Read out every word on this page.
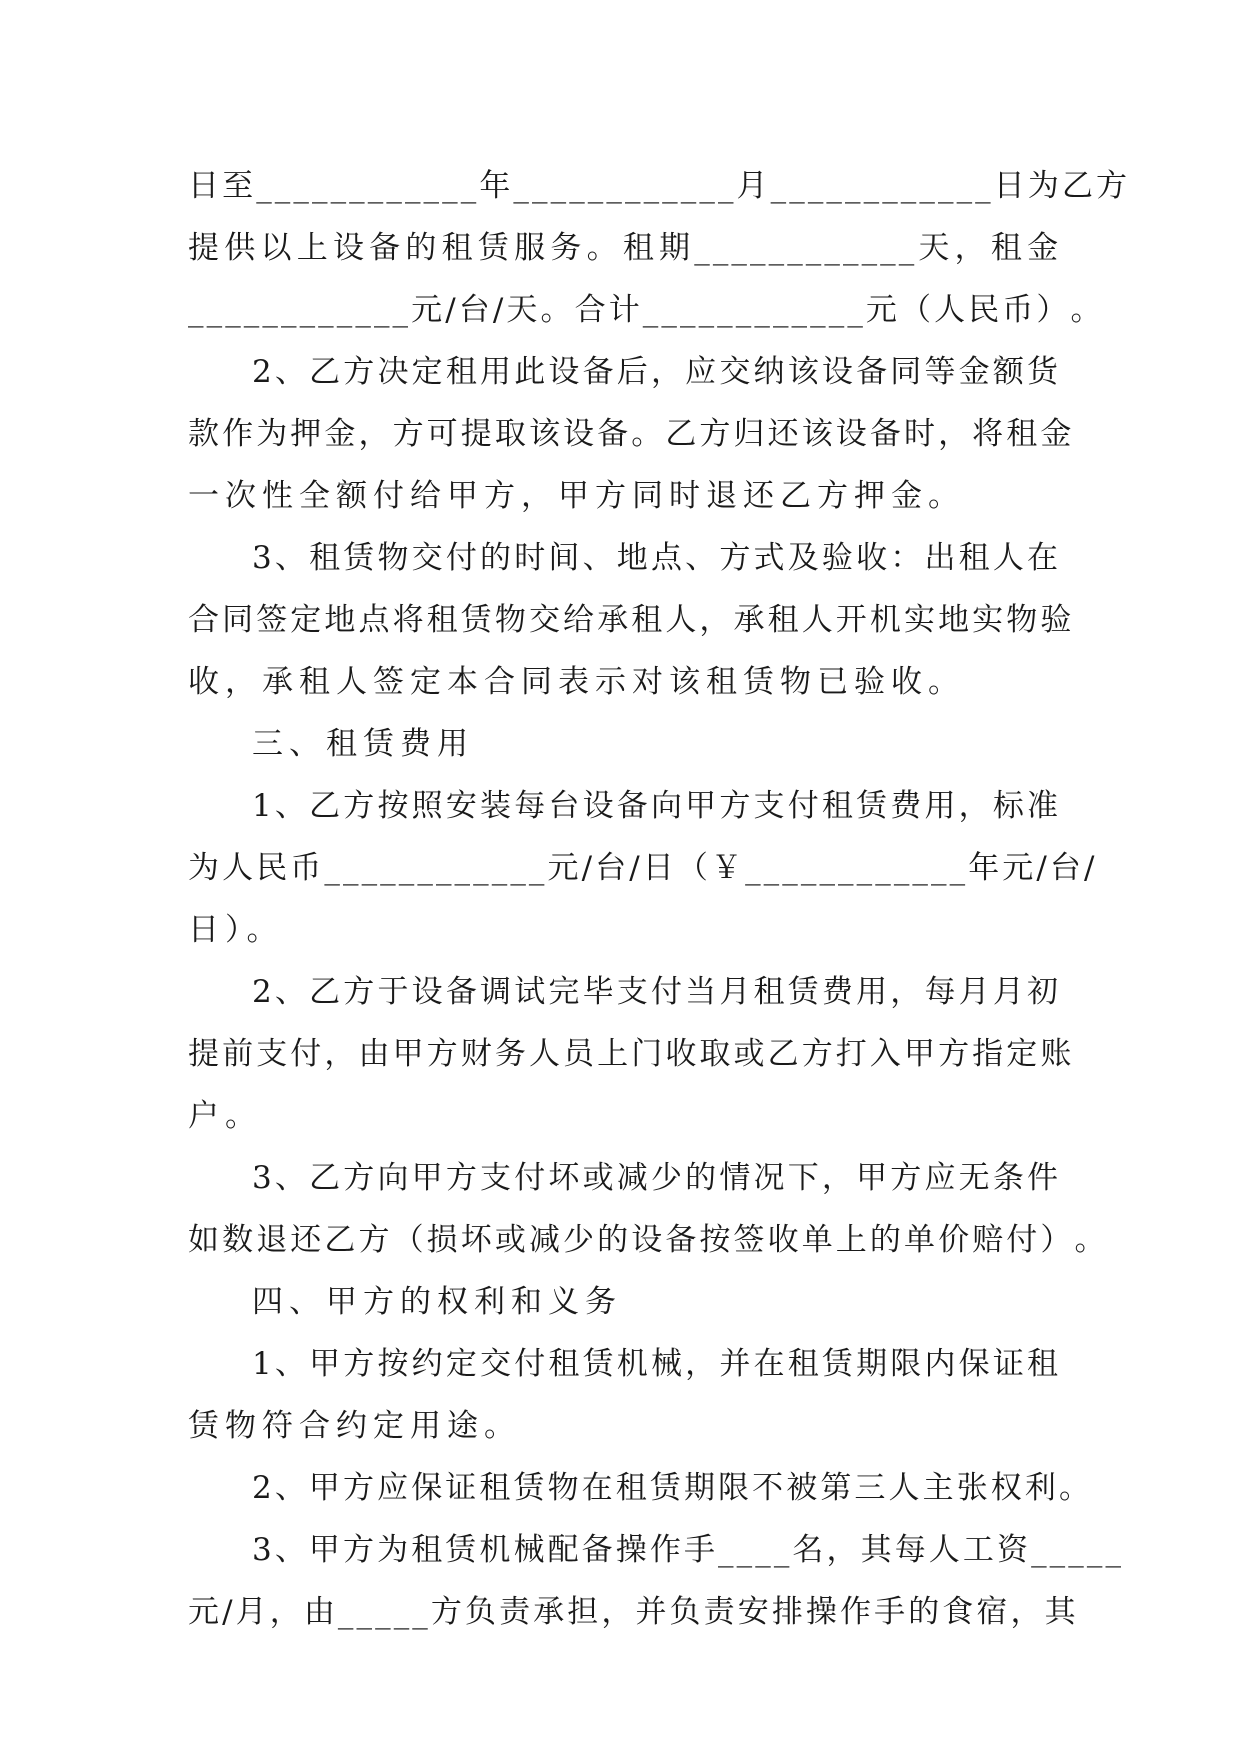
日 至 _ _ _ _ _ _ _ _ _ _ _ _ 年 _ _ _ _ _ _ _ _ _ _ _ _ 月 _ _ _ _ _ _ _ _ _ _ _ _ 日 为 乙 方
提 供 以 上 设 备 的 租 赁 服 务 。 租 期 _ _ _ _ _ _ _ _ _ _ _ _ 天 ， 租 金
_ _ _ _ _ _ _ _ _ _ _ _ 元 / 台 / 天 。 合 计 _ _ _ _ _ _ _ _ _ _ _ _ 元 （ 人 民 币 ） 。
2 、 乙 方 决 定 租 用 此 设 备 后 ， 应 交 纳 该 设 备 同 等 金 额 货
款 作 为 押 金 ， 方 可 提 取 该 设 备 。 乙 方 归 还 该 设 备 时 ， 将 租 金
一次性全额付给甲方，甲方同时退还乙方押金。
3 、 租 赁 物 交 付 的 时 间 、 地 点 、 方 式 及 验 收 ： 出 租 人 在
合 同 签 定 地 点 将 租 赁 物 交 给 承 租 人 ， 承 租 人 开 机 实 地 实 物 验
收，承租人签定本合同表示对该租赁物已验收。
三、租赁费用
1 、 乙 方 按 照 安 装 每 台 设 备 向 甲 方 支 付 租 赁 费 用 ， 标 准
为 人 民 币 _ _ _ _ _ _ _ _ _ _ _ _ 元 / 台 / 日 （ ￥ _ _ _ _ _ _ _ _ _ _ _ _ 年 元 / 台 /
日）。
2 、 乙 方 于 设 备 调 试 完 毕 支 付 当 月 租 赁 费 用 ， 每 月 月 初
提 前 支 付 ， 由 甲 方 财 务 人 员 上 门 收 取 或 乙 方 打 入 甲 方 指 定 账
户。
3 、 乙 方 向 甲 方 支 付 坏 或 减 少 的 情 况 下 ， 甲 方 应 无 条 件
如 数 退 还 乙 方 （ 损 坏 或 减 少 的 设 备 按 签 收 单 上 的 单 价 赔 付 ） 。
四、甲方的权利和义务
1 、 甲 方 按 约 定 交 付 租 赁 机 械 ， 并 在 租 赁 期 限 内 保 证 租
赁物符合约定用途。
2 、 甲 方 应 保 证 租 赁 物 在 租 赁 期 限 不 被 第 三 人 主 张 权 利 。
3 、 甲 方 为 租 赁 机 械 配 备 操 作 手 _ _ _ _ 名 ， 其 每 人 工 资 _ _ _ _ _
元 / 月 ， 由 _ _ _ _ _ 方 负 责 承 担 ， 并 负 责 安 排 操 作 手 的 食 宿 ， 其
